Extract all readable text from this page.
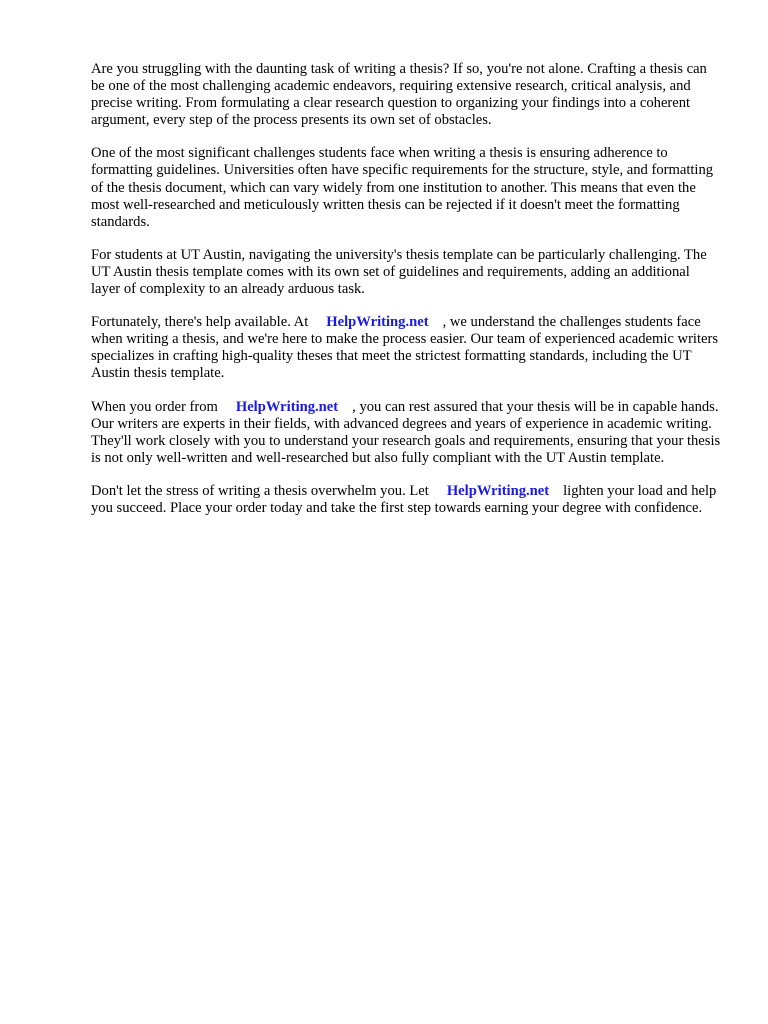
Are you struggling with the daunting task of writing a thesis? If so, you're not alone. Crafting a thesis can be one of the most challenging academic endeavors, requiring extensive research, critical analysis, and precise writing. From formulating a clear research question to organizing your findings into a coherent argument, every step of the process presents its own set of obstacles.

One of the most significant challenges students face when writing a thesis is ensuring adherence to formatting guidelines. Universities often have specific requirements for the structure, style, and formatting of the thesis document, which can vary widely from one institution to another. This means that even the most well-researched and meticulously written thesis can be rejected if it doesn't meet the formatting standards.

For students at UT Austin, navigating the university's thesis template can be particularly challenging. The UT Austin thesis template comes with its own set of guidelines and requirements, adding an additional layer of complexity to an already arduous task.

Fortunately, there's help available. At HelpWriting.net , we understand the challenges students face when writing a thesis, and we're here to make the process easier. Our team of experienced academic writers specializes in crafting high-quality theses that meet the strictest formatting standards, including the UT Austin thesis template.

When you order from HelpWriting.net , you can rest assured that your thesis will be in capable hands. Our writers are experts in their fields, with advanced degrees and years of experience in academic writing. They'll work closely with you to understand your research goals and requirements, ensuring that your thesis is not only well-written and well-researched but also fully compliant with the UT Austin template.

Don't let the stress of writing a thesis overwhelm you. Let HelpWriting.net lighten your load and help you succeed. Place your order today and take the first step towards earning your degree with confidence.
